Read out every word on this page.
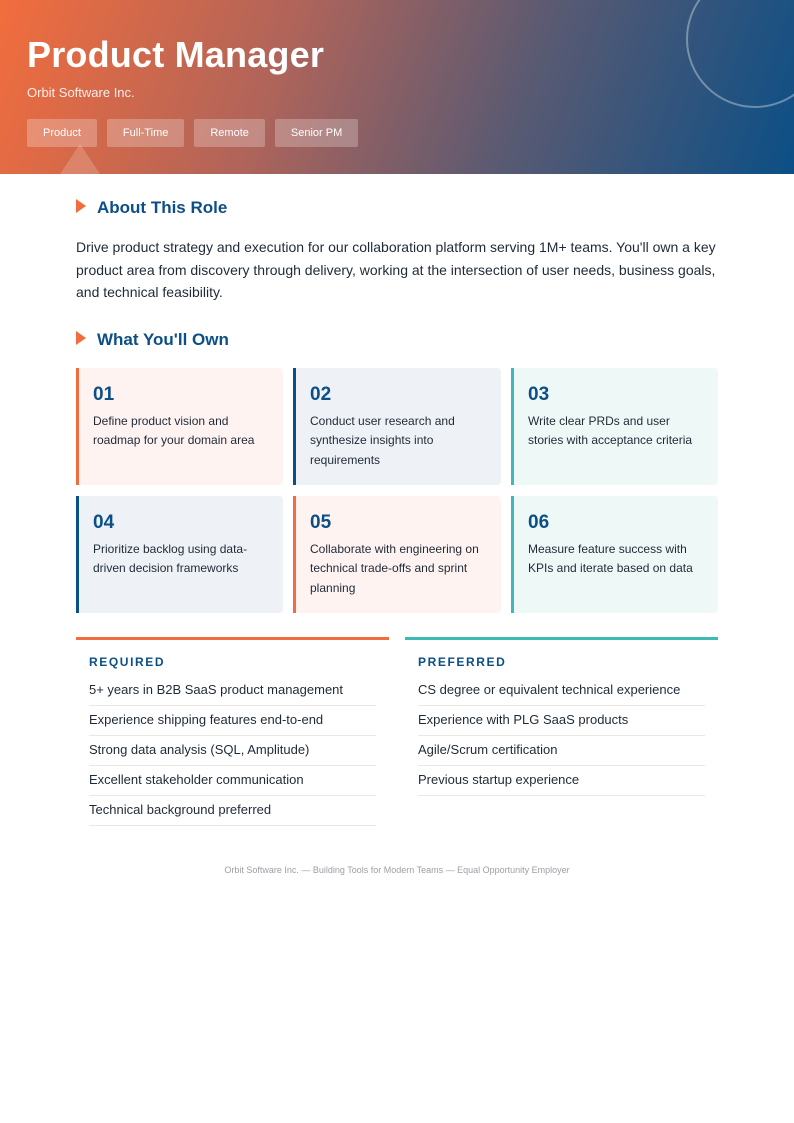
Product Manager
Orbit Software Inc.
Product	Full-Time	Remote	Senior PM
About This Role

Drive product strategy and execution for our collaboration platform serving 1M+ teams. You'll own a key product area from discovery through delivery, working at the intersection of user needs, business goals, and technical feasibility.

What You'll Own
01
Define product vision and roadmap for your domain area
02
Conduct user research and synthesize insights into requirements
03
Write clear PRDs and user stories with acceptance criteria
04
Prioritize backlog using data-driven decision frameworks
05
Collaborate with engineering on technical trade-offs and sprint planning
06
Measure feature success with KPIs and iterate based on data
REQUIRED
5+ years in B2B SaaS product management
Experience shipping features end-to-end
Strong data analysis (SQL, Amplitude)
Excellent stakeholder communication
Technical background preferred
PREFERRED
CS degree or equivalent technical experience
Experience with PLG SaaS products
Agile/Scrum certification
Previous startup experience
Orbit Software Inc. — Building Tools for Modern Teams — Equal Opportunity Employer
